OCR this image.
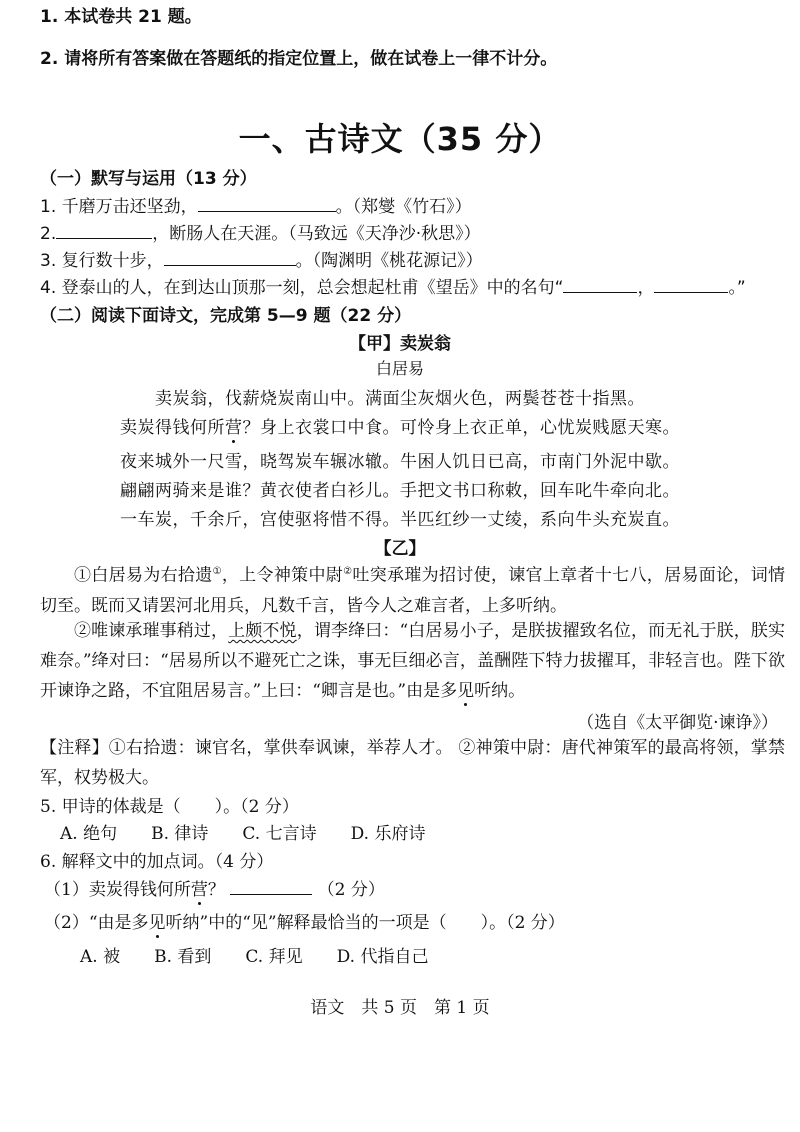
1. 本试卷共 21 题。
2. 请将所有答案做在答题纸的指定位置上，做在试卷上一律不计分。
一、古诗文（35 分）
（一）默写与运用（13 分）
1. 千磨万击还坚劲，	。（郑燮《竹石》）
2.	，断肠人在天涯。（马致远《天净沙·秋思》）
3. 复行数十步，	。（陶渊明《桃花源记》）
4. 登泰山的人，在到达山顶那一刻，总会想起杜甫《望岳》中的名句“	，	。”
（二）阅读下面诗文，完成第 5—9 题（22 分）
【甲】卖炭翁
白居易
卖炭翁，伐薪烧炭南山中。满面尘灰烟火色，两鬓苍苍十指黑。
卖炭得钱何所营？身上衣裳口中食。可怜身上衣正单，心忧炭贱愿天寒。
夜来城外一尺雪，晓驾炭车辗冰辙。牛困人饥日已高，市南门外泥中歇。
翩翩两骑来是谁？黄衣使者白衫儿。手把文书口称敕，回车叱牛牵向北。
一车炭，千余斤，宫使驱将惜不得。半匹红纱一丈绫，系向牛头充炭直。
【乙】
①白居易为右拾遗①，上令神策中尉②吐突承璀为招讨使，谏官上章者十七八，居易面论，词情切至。既而又请罢河北用兵，凡数千言，皆今人之难言者，上多听纳。
②唯谏承璀事稍过，上颇不悦，谓李绛曰：“白居易小子，是朕拔擢致名位，而无礼于朕，朕实难奈。”绛对曰：“居易所以不避死亡之诛，事无巨细必言，盖酬陛下特力拔擢耳，非轻言也。陛下欲开谏诤之路，不宜阻居易言。”上曰：“卿言是也。”由是多见听纳。
（选自《太平御览·谏诤》）
【注释】①右拾遗：谏官名，掌供奉讽谏，举荐人才。 ②神策中尉：唐代神策军的最高将领，掌禁军，权势极大。
5. 甲诗的体裁是（　　）。（2 分）
A. 绝句 B. 律诗 C. 七言诗 D. 乐府诗
6. 解释文中的加点词。（4 分）
（1）卖炭得钱何所营？	（2 分）
（2）“由是多见听纳”中的“见”解释最恰当的一项是（　　）。（2 分）
A. 被 B. 看到 C. 拜见 D. 代指自己
语文　共 5 页　第 1 页
